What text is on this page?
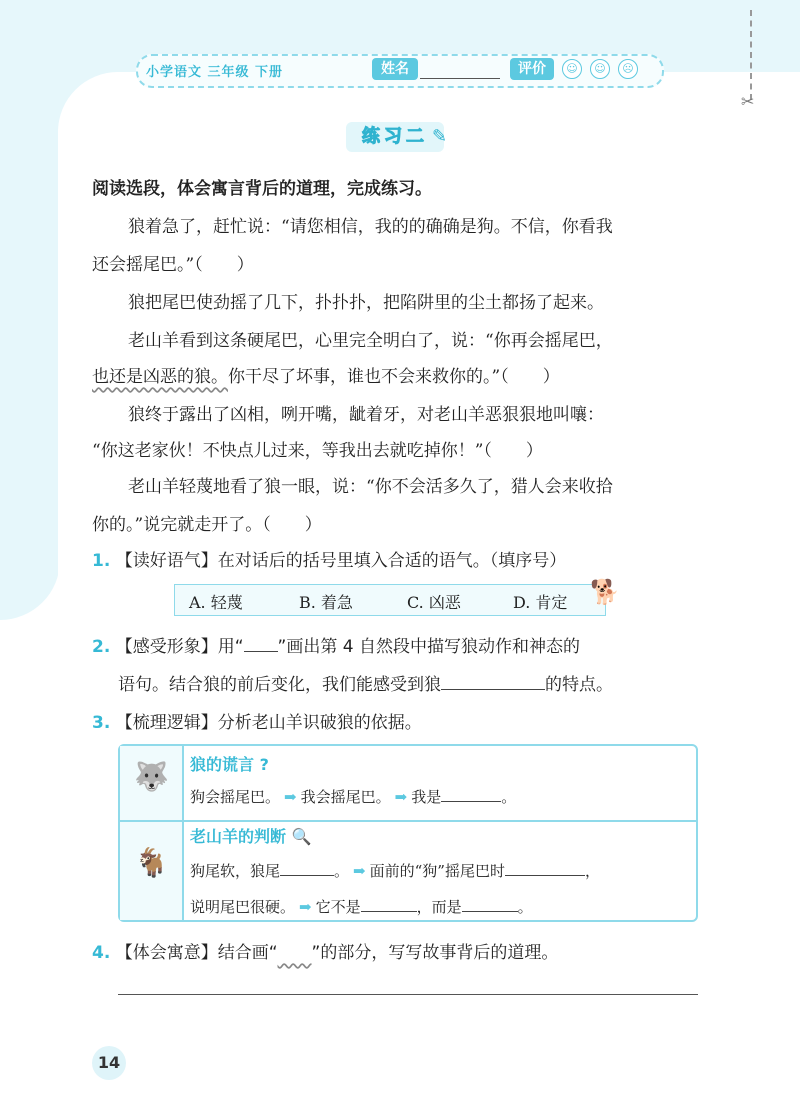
✂
小学语文 三年级 下册	姓名	评价	☺	☺	☹
练习二 ✎
阅读选段，体会寓言背后的道理，完成练习。
狼着急了，赶忙说：“请您相信，我的的确确是狗。不信，你看我
还会摇尾巴。”（　　）
狼把尾巴使劲摇了几下，扑扑扑，把陷阱里的尘土都扬了起来。
老山羊看到这条硬尾巴，心里完全明白了，说：“你再会摇尾巴，
也还是凶恶的狼。你干尽了坏事，谁也不会来救你的。”（　　）
狼终于露出了凶相，咧开嘴，龇着牙，对老山羊恶狠狠地叫嚷：
“你这老家伙！不快点儿过来，等我出去就吃掉你！”（　　）
老山羊轻蔑地看了狼一眼，说：“你不会活多久了，猎人会来收拾
你的。”说完就走开了。（　　）
1. 【读好语气】在对话后的括号里填入合适的语气。（填序号）
A. 轻蔑	B. 着急	C. 凶恶	D. 肯定 🐕
2. 【感受形象】用“ ”画出第 4 自然段中描写狼动作和神态的
语句。结合狼的前后变化，我们能感受到狼	的特点。
3. 【梳理逻辑】分析老山羊识破狼的依据。
🐺
🐐
狼的谎言 ?
狗会摇尾巴。 ➡ 我会摇尾巴。 ➡ 我是	。
老山羊的判断 🔍
狗尾软，狼尾	。 ➡ 面前的“狗”摇尾巴时	，
说明尾巴很硬。 ➡ 它不是	，而是	。
4. 【体会寓意】结合画“　　 ”的部分，写写故事背后的道理。
14
